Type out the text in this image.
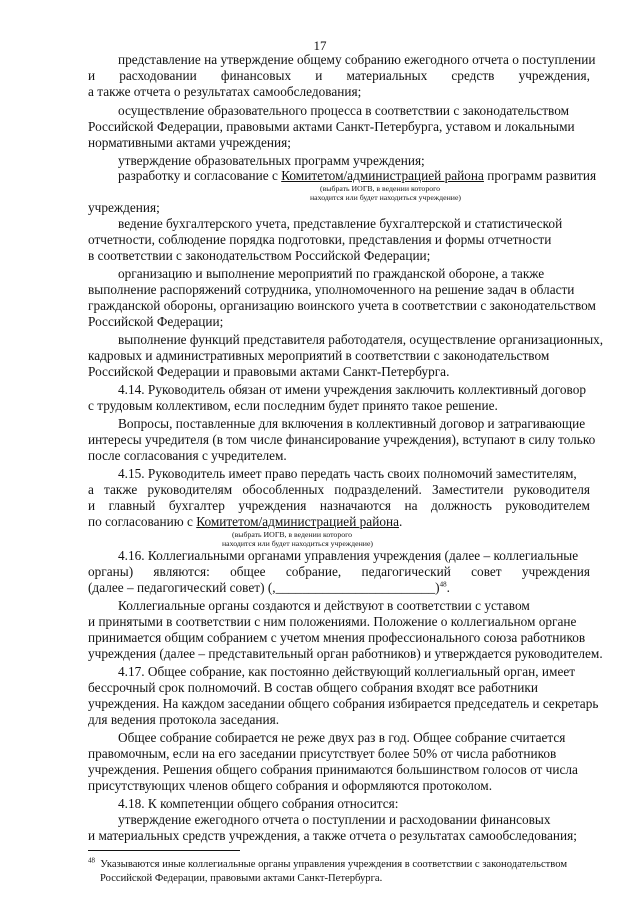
17
представление на утверждение общему собранию ежегодного отчета о поступлении
и расходовании финансовых и материальных средств учреждения,
а также отчета о результатах самообследования;
осуществление образовательного процесса в соответствии с законодательством
Российской Федерации, правовыми актами Санкт-Петербурга, уставом и локальными
нормативными актами учреждения;
утверждение образовательных программ учреждения;
разработку и согласование с Комитетом/администрацией района программ развития
(выбрать ИОГВ, в ведении которого
находится или будет находиться учреждение)
учреждения;
ведение бухгалтерского учета, представление бухгалтерской и статистической
отчетности, соблюдение порядка подготовки, представления и формы отчетности
в соответствии с законодательством Российской Федерации;
организацию и выполнение мероприятий по гражданской обороне, а также
выполнение распоряжений сотрудника, уполномоченного на решение задач в области
гражданской обороны, организацию воинского учета в соответствии с законодательством
Российской Федерации;
выполнение функций представителя работодателя, осуществление организационных,
кадровых и административных мероприятий в соответствии с законодательством
Российской Федерации и правовыми актами Санкт-Петербурга.
4.14. Руководитель обязан от имени учреждения заключить коллективный договор
с трудовым коллективом, если последним будет принято такое решение.
Вопросы, поставленные для включения в коллективный договор и затрагивающие
интересы учредителя (в том числе финансирование учреждения), вступают в силу только
после согласования с учредителем.
4.15. Руководитель имеет право передать часть своих полномочий заместителям,
а также руководителям обособленных подразделений. Заместители руководителя
и главный бухгалтер учреждения назначаются на должность руководителем
по согласованию с Комитетом/администрацией района.
(выбрать ИОГВ, в ведении которого
находится или будет находиться учреждение)
4.16. Коллегиальными органами управления учреждения (далее – коллегиальные
органы) являются: общее собрание, педагогический совет учреждения
(далее – педагогический совет) (,________________________)$^{48}$.
Коллегиальные органы создаются и действуют в соответствии с уставом
и принятыми в соответствии с ним положениями. Положение о коллегиальном органе
принимается общим собранием с учетом мнения профессионального союза работников
учреждения (далее – представительный орган работников) и утверждается руководителем.
4.17. Общее собрание, как постоянно действующий коллегиальный орган, имеет
бессрочный срок полномочий. В состав общего собрания входят все работники
учреждения. На каждом заседании общего собрания избирается председатель и секретарь
для ведения протокола заседания.
Общее собрание собирается не реже двух раз в год. Общее собрание считается
правомочным, если на его заседании присутствует более 50% от числа работников
учреждения. Решения общего собрания принимаются большинством голосов от числа
присутствующих членов общего собрания и оформляются протоколом.
4.18. К компетенции общего собрания относится:
утверждение ежегодного отчета о поступлении и расходовании финансовых
и материальных средств учреждения, а также отчета о результатах самообследования;
$^{48}$ Указываются иные коллегиальные органы управления учреждения в соответствии с законодательством
Российской Федерации, правовыми актами Санкт-Петербурга.
